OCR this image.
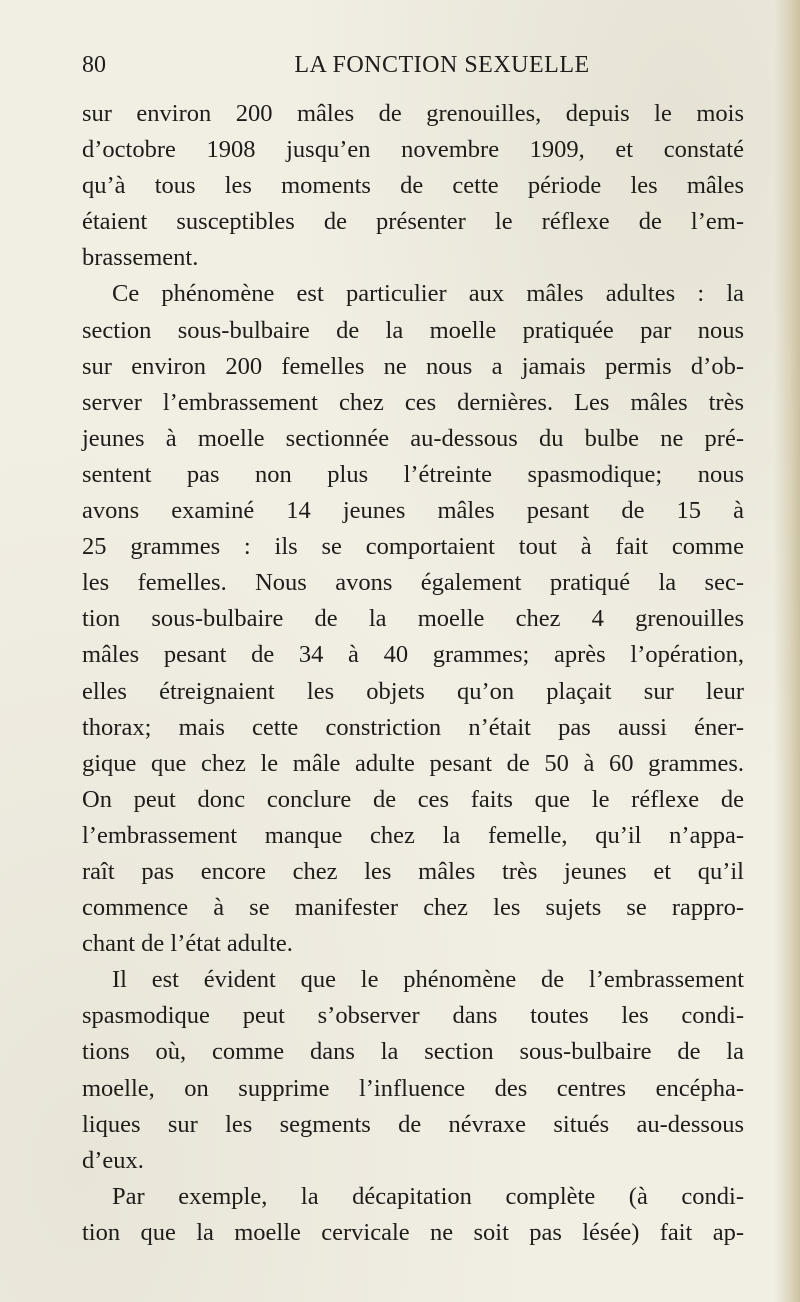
80	LA FONCTION SEXUELLE
sur environ 200 mâles de grenouilles, depuis le mois
d’octobre 1908 jusqu’en novembre 1909, et constaté
qu’à tous les moments de cette période les mâles
étaient susceptibles de présenter le réflexe de l’em-
brassement.
Ce phénomène est particulier aux mâles adultes : la
section sous-bulbaire de la moelle pratiquée par nous
sur environ 200 femelles ne nous a jamais permis d’ob-
server l’embrassement chez ces dernières. Les mâles très
jeunes à moelle sectionnée au-dessous du bulbe ne pré-
sentent pas non plus l’étreinte spasmodique; nous
avons examiné 14 jeunes mâles pesant de 15 à
25 grammes : ils se comportaient tout à fait comme
les femelles. Nous avons également pratiqué la sec-
tion sous-bulbaire de la moelle chez 4 grenouilles
mâles pesant de 34 à 40 grammes; après l’opération,
elles étreignaient les objets qu’on plaçait sur leur
thorax; mais cette constriction n’était pas aussi éner-
gique que chez le mâle adulte pesant de 50 à 60 grammes.
On peut donc conclure de ces faits que le réflexe de
l’embrassement manque chez la femelle, qu’il n’appa-
raît pas encore chez les mâles très jeunes et qu’il
commence à se manifester chez les sujets se rappro-
chant de l’état adulte.
Il est évident que le phénomène de l’embrassement
spasmodique peut s’observer dans toutes les condi-
tions où, comme dans la section sous-bulbaire de la
moelle, on supprime l’influence des centres encépha-
liques sur les segments de névraxe situés au-dessous
d’eux.
Par exemple, la décapitation complète (à condi-
tion que la moelle cervicale ne soit pas lésée) fait ap-
